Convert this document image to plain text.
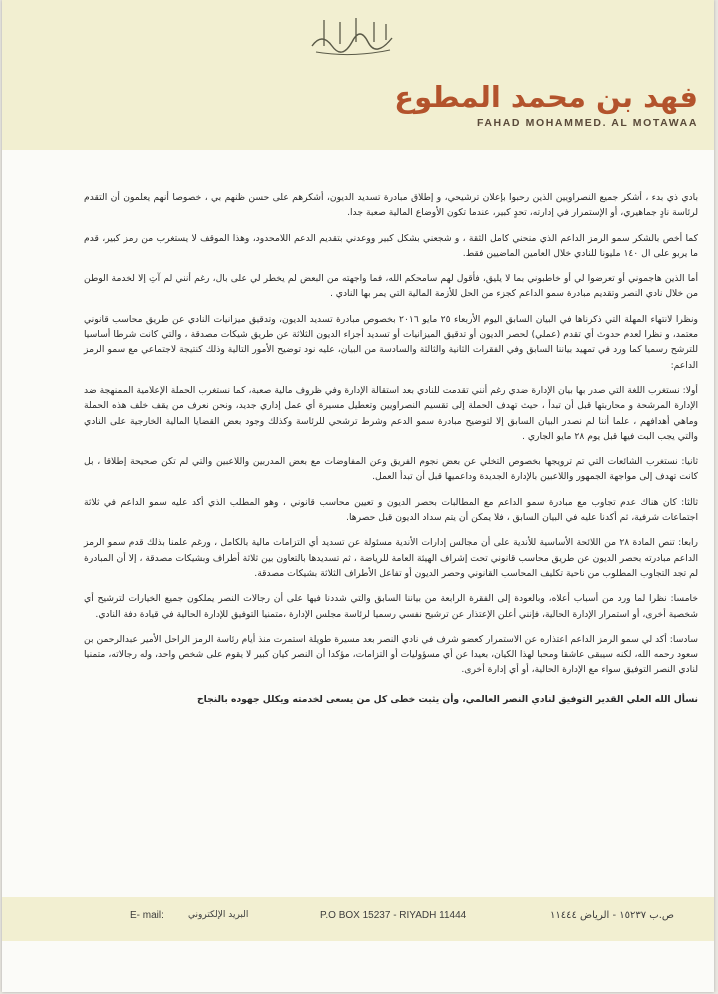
فهد بن محمد المطوع
FAHAD MOHAMMED. AL MOTAWAA

بادي ذي بدء ، أشكر جميع النصراويين الذين رحبوا بإعلان ترشيحي، و إطلاق مبادرة تسديد الديون، أشكرهم على حسن ظنهم بي ، خصوصا أنهم يعلمون أن التقدم لرئاسة نادٍ جماهيري، أو الإستمرار في إدارته، تحدٍ كبير، عندما تكون الأوضاع المالية صعبة جدا.

كما أخص بالشكر سمو الرمز الداعم الذي منحني كامل الثقة ، و شجعني بشكل كبير ووعدني بتقديم الدعم اللامحدود، وهذا الموقف لا يستغرب من رمز كبير، قدم ما يربو على ال ١٤٠ مليونا للنادي خلال العامين الماضيين فقط.

أما الذين هاجموني أو تعرضوا لي أو خاطبوني بما لا يليق، فأقول لهم سامحكم الله، فما واجهته من البعض لم يخطر لي على بال، رغم أنني لم آتِ إلا لخدمة الوطن من خلال نادي النصر وتقديم مبادرة سمو الداعم كجزء من الحل للأزمة المالية التي يمر بها النادي .

ونظرا لانتهاء المهلة التي ذكرناها في البيان السابق اليوم الأربعاء ٢٥ مايو ٢٠١٦ بخصوص مبادرة تسديد الديون، وتدقيق ميزانيات النادي عن طريق محاسب قانوني معتمد، و نظرا لعدم حدوث أي تقدم (عملي) لحصر الديون أو تدقيق الميزانيات أو تسديد أجزاء الديون الثلاثة عن طريق شيكات مصدقة ، والتي كانت شرطا أساسيا للترشح رسميا كما ورد في تمهيد بياننا السابق وفي الفقرات الثانية والثالثة والسادسة من البيان، عليه نود توضيح الأمور التالية وذلك كنتيجة لاجتماعي مع سمو الرمز الداعم:

أولا: نستغرب اللغة التي صدر بها بيان الإدارة ضدي رغم أنني تقدمت للنادي بعد استقالة الإدارة وفي ظروف مالية صعبة، كما نستغرب الحملة الإعلامية الممنهجة ضد الإدارة المرشحة و محاربتها قبل أن تبدأ ، حيث تهدف الحملة إلى تقسيم النصراويين وتعطيل مسيرة أي عمل إداري جديد، ونحن نعرف من يقف خلف هذه الحملة وماهي أهدافهم ، علما أننا لم نصدر البيان السابق إلا لتوضيح مبادرة سمو الدعم وشرط ترشحي للرئاسة وكذلك وجود بعض القضايا المالية الخارجية على النادي والتي يجب البت فيها قبل يوم ٢٨ مايو الجاري .

ثانيا: نستغرب الشائعات التي تم ترويجها بخصوص التخلي عن بعض نجوم الفريق وعن المفاوضات مع بعض المدربين واللاعبين والتي لم تكن صحيحة إطلاقا ، بل كانت تهدف إلى مواجهة الجمهور واللاعبين بالإدارة الجديدة وداعميها قبل أن تبدأ العمل.

ثالثا: كان هناك عدم تجاوب مع مبادرة سمو الداعم مع المطالبات بحصر الديون و تعيين محاسب قانوني ، وهو المطلب الذي أكد عليه سمو الداعم في ثلاثة اجتماعات شرفية، ثم أكدنا عليه في البيان السابق ، فلا يمكن أن يتم سداد الديون قبل حصرها.

رابعا: تنص المادة ٢٨ من اللائحة الأساسية للأندية على أن مجالس إدارات الأندية مسئولة عن تسديد أي التزامات مالية بالكامل ، ورغم علمنا بذلك قدم سمو الرمز الداعم مبادرته بحصر الديون عن طريق محاسب قانوني تحت إشراف الهيئة العامة للرياضة ، ثم تسديدها بالتعاون بين ثلاثة أطراف وبشيكات مصدقة ، إلا أن المبادرة لم تجد التجاوب المطلوب من ناحية تكليف المحاسب القانوني وحصر الديون أو تفاعل الأطراف الثلاثة بشيكات مصدقة.

خامسا: نظرا لما ورد من أسباب أعلاه، وبالعودة إلى الفقرة الرابعة من بياننا السابق والتي شددنا فيها على أن رجالات النصر يملكون جميع الخيارات لترشيح أي شخصية أخرى، أو استمرار الإدارة الحالية، فإنني أعلن الإعتذار عن ترشيح نفسي رسميا لرئاسة مجلس الإدارة ،متمنيا التوفيق للإدارة الحالية في قيادة دفة النادي.

سادسا: أكد لي سمو الرمز الداعم اعتذاره عن الاستمرار كعضو شرف في نادي النصر بعد مسيرة طويلة استمرت منذ أيام رئاسة الرمز الراحل الأمير عبدالرحمن بن سعود رحمه الله، لكنه سيبقى عاشقا ومحبا لهذا الكيان، بعيدا عن أي مسؤوليات أو التزامات، مؤكدا أن النصر كيان كبير لا يقوم على شخص واحد، وله رجالاته، متمنيا لنادي النصر التوفيق سواء مع الإدارة الحالية، أو أي إدارة أخرى.

نسأل الله العلي القدير التوفيق لنادي النصر العالمي، وأن يثبت خطى كل من يسعى لخدمته ويكلل جهوده بالنجاح

ص.ب ١٥٢٣٧ - الرياض ١١٤٤٤
P.O BOX 15237 - RIYADH 11444
البريد الإلكتروني
E- mail:
